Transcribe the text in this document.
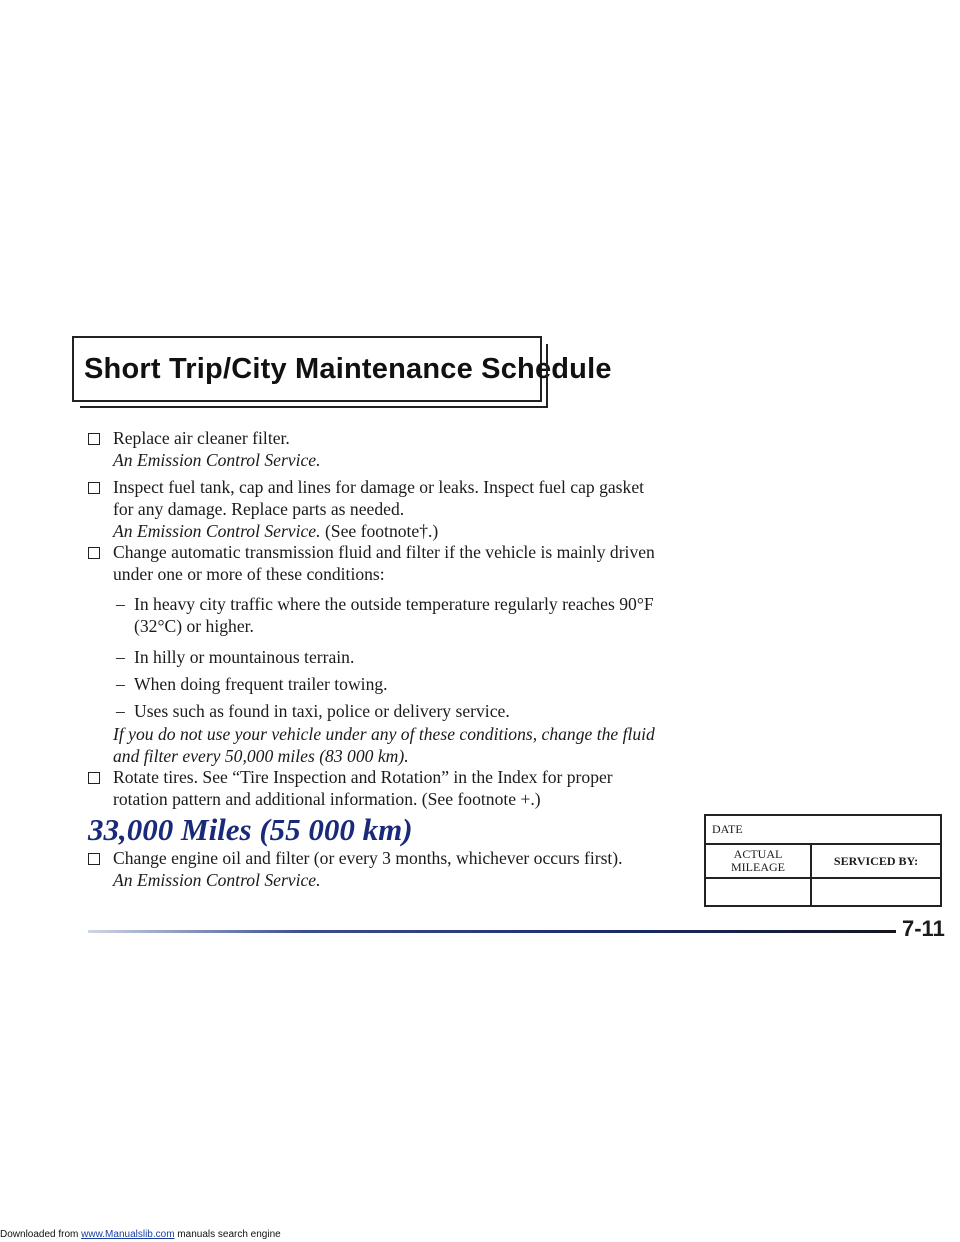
Short Trip/City Maintenance Schedule
Replace air cleaner filter.
An Emission Control Service.
Inspect fuel tank, cap and lines for damage or leaks. Inspect fuel cap gasket
for any damage. Replace parts as needed.
An Emission Control Service. (See footnote†.)
Change automatic transmission fluid and filter if the vehicle is mainly driven
under one or more of these conditions:
– In heavy city traffic where the outside temperature regularly reaches 90°F
(32°C) or higher.
– In hilly or mountainous terrain.
– When doing frequent trailer towing.
– Uses such as found in taxi, police or delivery service.
If you do not use your vehicle under any of these conditions, change the fluid
and filter every 50,000 miles (83 000 km).
Rotate tires. See “Tire Inspection and Rotation” in the Index for proper
rotation pattern and additional information. (See footnote +.)
33,000 Miles (55 000 km)
Change engine oil and filter (or every 3 months, whichever occurs first).
An Emission Control Service.
DATE	
ACTUAL
MILEAGE	SERVICED BY:

7-11
Downloaded from www.Manualslib.com manuals search engine
